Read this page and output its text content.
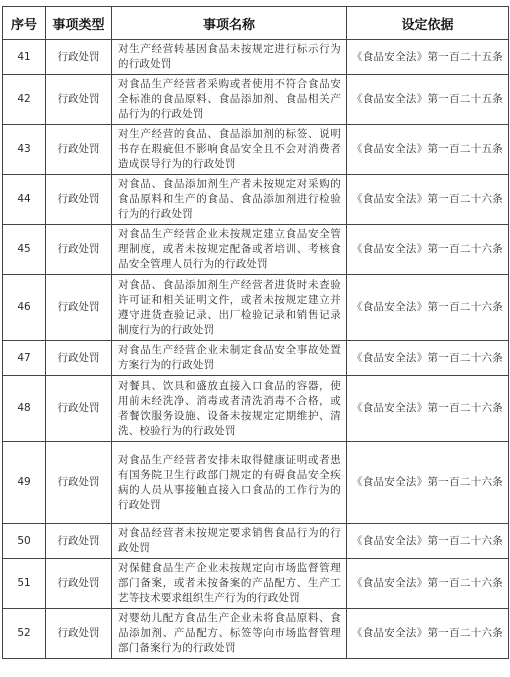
序号	事项类型	事项名称	设定依据
41	行政处罚	对生产经营转基因食品未按规定进行标示行为的行政处罚	《食品安全法》第一百二十五条
42	行政处罚	对食品生产经营者采购或者使用不符合食品安全标准的食品原料、食品添加剂、食品相关产品行为的行政处罚	《食品安全法》第一百二十五条
43	行政处罚	对生产经营的食品、食品添加剂的标签、说明书存在瑕疵但不影响食品安全且不会对消费者造成误导行为的行政处罚	《食品安全法》第一百二十五条
44	行政处罚	对食品、食品添加剂生产者未按规定对采购的食品原料和生产的食品、食品添加剂进行检验行为的行政处罚	《食品安全法》第一百二十六条
45	行政处罚	对食品生产经营企业未按规定建立食品安全管理制度，或者未按规定配备或者培训、考核食品安全管理人员行为的行政处罚	《食品安全法》第一百二十六条
46	行政处罚	对食品、食品添加剂生产经营者进货时未查验许可证和相关证明文件，或者未按规定建立并遵守进货查验记录、出厂检验记录和销售记录制度行为的行政处罚	《食品安全法》第一百二十六条
47	行政处罚	对食品生产经营企业未制定食品安全事故处置方案行为的行政处罚	《食品安全法》第一百二十六条
48	行政处罚	对餐具、饮具和盛放直接入口食品的容器，使用前未经洗净、消毒或者清洗消毒不合格，或者餐饮服务设施、设备未按规定定期维护、清洗、校验行为的行政处罚	《食品安全法》第一百二十六条
49	行政处罚	对食品生产经营者安排未取得健康证明或者患有国务院卫生行政部门规定的有碍食品安全疾病的人员从事接触直接入口食品的工作行为的行政处罚	《食品安全法》第一百二十六条
50	行政处罚	对食品经营者未按规定要求销售食品行为的行政处罚	《食品安全法》第一百二十六条
51	行政处罚	对保健食品生产企业未按规定向市场监督管理部门备案，或者未按备案的产品配方、生产工艺等技术要求组织生产行为的行政处罚	《食品安全法》第一百二十六条
52	行政处罚	对婴幼儿配方食品生产企业未将食品原料、食品添加剂、产品配方、标签等向市场监督管理部门备案行为的行政处罚	《食品安全法》第一百二十六条
